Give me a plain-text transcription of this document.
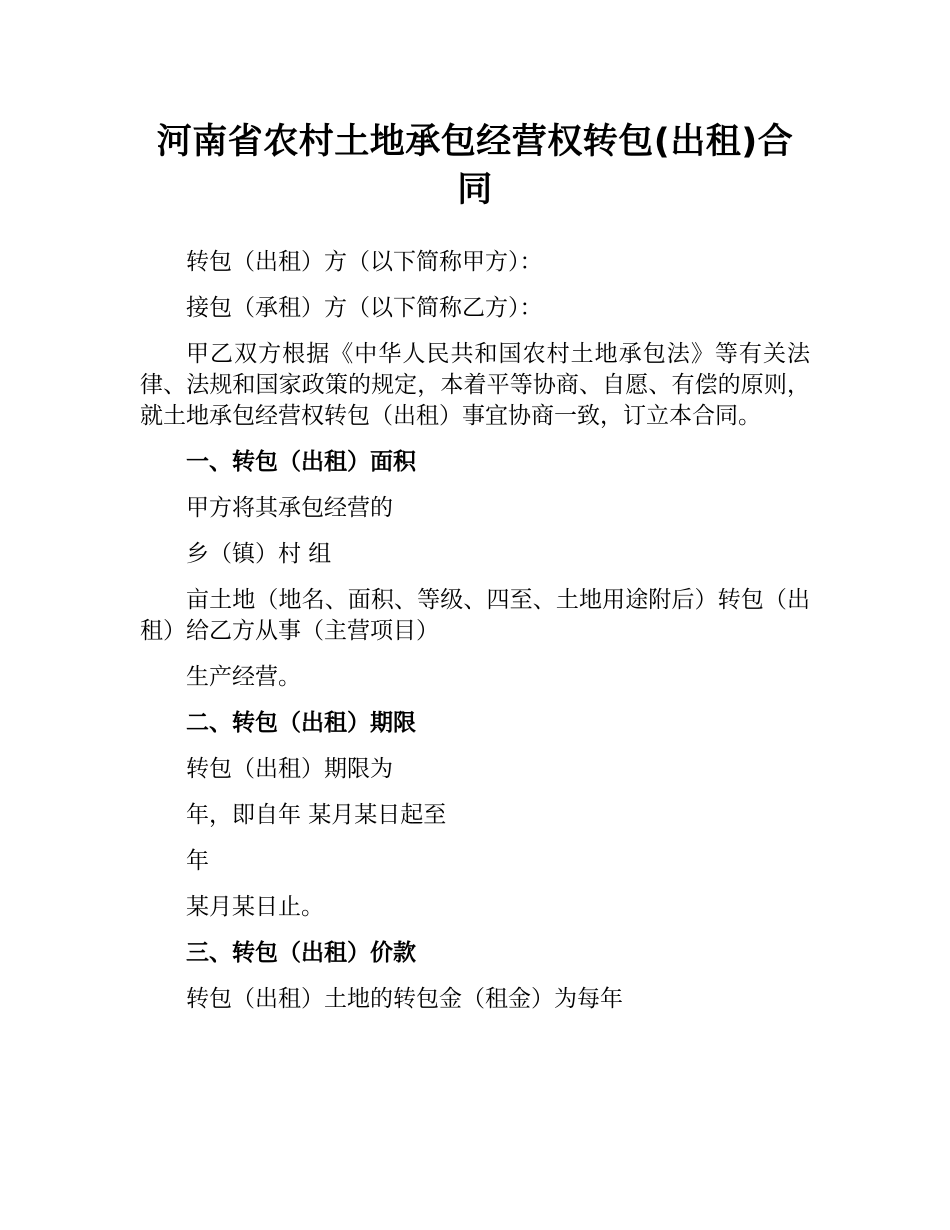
河南省农村土地承包经营权转包(出租)合同

转包（出租）方（以下简称甲方）：

接包（承租）方（以下简称乙方）：

甲乙双方根据《中华人民共和国农村土地承包法》等有关法律、法规和国家政策的规定，本着平等协商、自愿、有偿的原则，就土地承包经营权转包（出租）事宜协商一致，订立本合同。

一、转包（出租）面积

甲方将其承包经营的

乡（镇）村 组

亩土地（地名、面积、等级、四至、土地用途附后）转包（出租）给乙方从事（主营项目）

生产经营。

二、转包（出租）期限

转包（出租）期限为

年，即自年 某月某日起至

年

某月某日止。

三、转包（出租）价款

转包（出租）土地的转包金（租金）为每年
